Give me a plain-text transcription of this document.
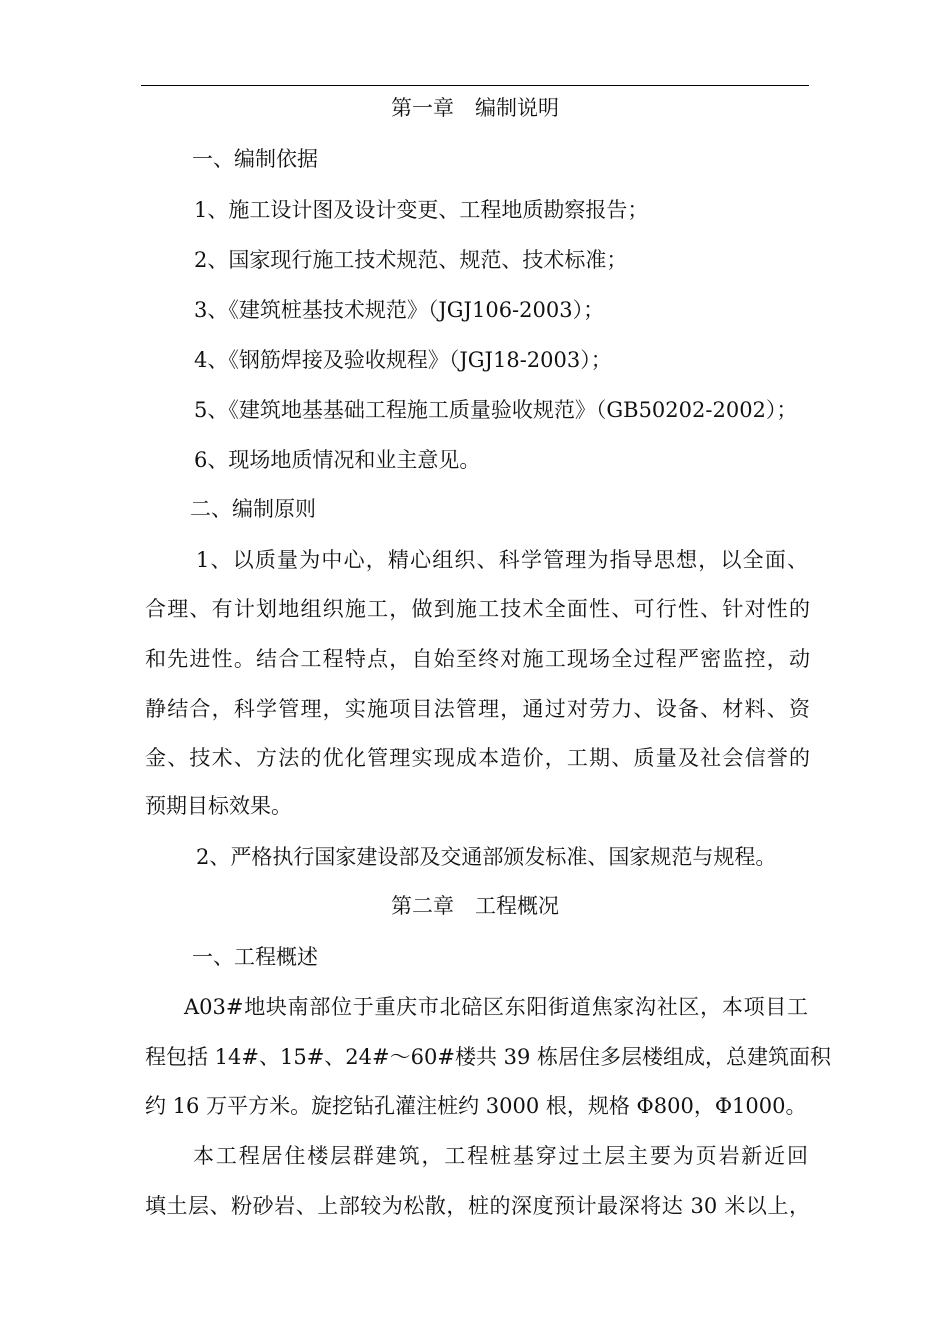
第一章　编制说明
一、编制依据
1、施工设计图及设计变更、工程地质勘察报告；
2、国家现行施工技术规范、规范、技术标准；
3、《建筑桩基技术规范》（JGJ106-2003）；
4、《钢筋焊接及验收规程》（JGJ18-2003）；
5、《建筑地基基础工程施工质量验收规范》（GB50202-2002）；
6、现场地质情况和业主意见。
二、编制原则
1、以质量为中心，精心组织、科学管理为指导思想，以全面、
合理、有计划地组织施工，做到施工技术全面性、可行性、针对性的
和先进性。结合工程特点，自始至终对施工现场全过程严密监控，动
静结合，科学管理，实施项目法管理，通过对劳力、设备、材料、资
金、技术、方法的优化管理实现成本造价，工期、质量及社会信誉的
预期目标效果。
2、严格执行国家建设部及交通部颁发标准、国家规范与规程。
第二章　工程概况
一、工程概述
A03#地块南部位于重庆市北碚区东阳街道焦家沟社区，本项目工
程包括 14#、15#、24#～60#楼共 39 栋居住多层楼组成，总建筑面积
约 16 万平方米。旋挖钻孔灌注桩约 3000 根，规格 Φ800，Φ1000。
本工程居住楼层群建筑，工程桩基穿过土层主要为页岩新近回
填土层、粉砂岩、上部较为松散，桩的深度预计最深将达 30 米以上，
